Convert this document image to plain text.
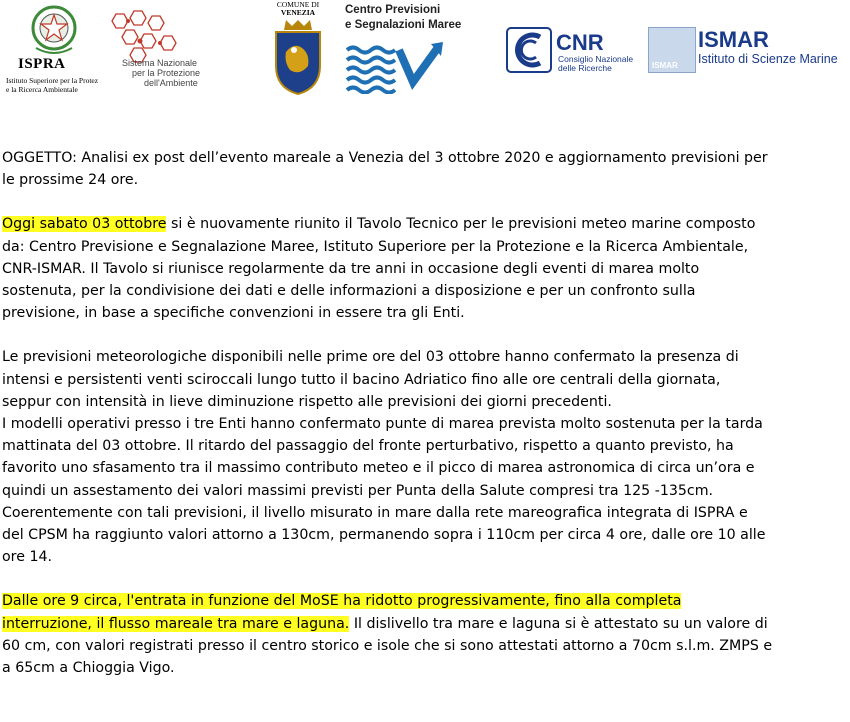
ISPRA
Istituto Superiore per la Protez
e la Ricerca Ambientale
Sistema Nazionale
per la Protezione
dell'Ambiente
COMUNE DI
VENEZIA	Centro Previsioni
e Segnalazioni Maree
CNR
Consiglio Nazionale
delle Ricerche	ISMAR
ISMAR
Istituto di Scienze Marine

OGGETTO: Analisi ex post dell’evento mareale a Venezia del 3 ottobre 2020 e aggiornamento previsioni per
le prossime 24 ore.

Oggi sabato 03 ottobre si è nuovamente riunito il Tavolo Tecnico per le previsioni meteo marine composto
da: Centro Previsione e Segnalazione Maree, Istituto Superiore per la Protezione e la Ricerca Ambientale,
CNR-ISMAR. Il Tavolo si riunisce regolarmente da tre anni in occasione degli eventi di marea molto
sostenuta, per la condivisione dei dati e delle informazioni a disposizione e per un confronto sulla
previsione, in base a specifiche convenzioni in essere tra gli Enti.

Le previsioni meteorologiche disponibili nelle prime ore del 03 ottobre hanno confermato la presenza di
intensi e persistenti venti sciroccali lungo tutto il bacino Adriatico fino alle ore centrali della giornata,
seppur con intensità in lieve diminuzione rispetto alle previsioni dei giorni precedenti.
I modelli operativi presso i tre Enti hanno confermato punte di marea prevista molto sostenuta per la tarda
mattinata del 03 ottobre. Il ritardo del passaggio del fronte perturbativo, rispetto a quanto previsto, ha
favorito uno sfasamento tra il massimo contributo meteo e il picco di marea astronomica di circa un’ora e
quindi un assestamento dei valori massimi previsti per Punta della Salute compresi tra 125 -135cm.
Coerentemente con tali previsioni, il livello misurato in mare dalla rete mareografica integrata di ISPRA e
del CPSM ha raggiunto valori attorno a 130cm, permanendo sopra i 110cm per circa 4 ore, dalle ore 10 alle
ore 14.

Dalle ore 9 circa, l'entrata in funzione del MoSE ha ridotto progressivamente, fino alla completa
interruzione, il flusso mareale tra mare e laguna. Il dislivello tra mare e laguna si è attestato su un valore di
60 cm, con valori registrati presso il centro storico e isole che si sono attestati attorno a 70cm s.l.m. ZMPS e
a 65cm a Chioggia Vigo.
